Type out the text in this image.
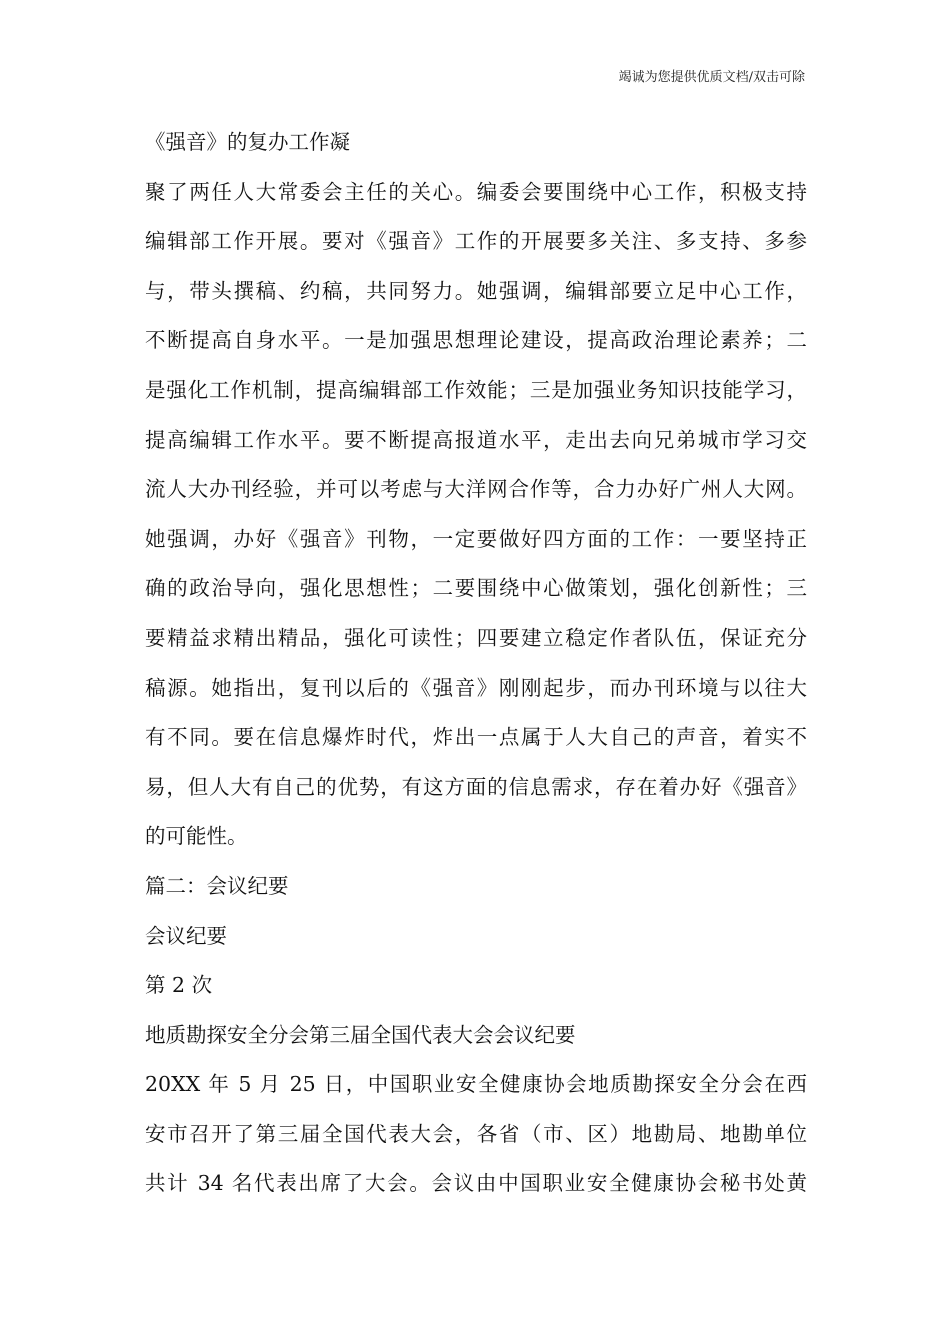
竭诚为您提供优质文档/双击可除
《强音》的复办工作凝
聚了两任人大常委会主任的关心。编委会要围绕中心工作，积极支持
编辑部工作开展。要对《强音》工作的开展要多关注、多支持、多参
与，带头撰稿、约稿，共同努力。她强调，编辑部要立足中心工作，
不断提高自身水平。一是加强思想理论建设，提高政治理论素养；二
是强化工作机制，提高编辑部工作效能；三是加强业务知识技能学习，
提高编辑工作水平。要不断提高报道水平，走出去向兄弟城市学习交
流人大办刊经验，并可以考虑与大洋网合作等，合力办好广州人大网。
她强调，办好《强音》刊物，一定要做好四方面的工作：一要坚持正
确的政治导向，强化思想性；二要围绕中心做策划，强化创新性；三
要精益求精出精品，强化可读性；四要建立稳定作者队伍，保证充分
稿源。她指出，复刊以后的《强音》刚刚起步，而办刊环境与以往大
有不同。要在信息爆炸时代，炸出一点属于人大自己的声音，着实不
易，但人大有自己的优势，有这方面的信息需求，存在着办好《强音》
的可能性。
篇二：会议纪要
会议纪要
第 2 次
地质勘探安全分会第三届全国代表大会会议纪要
20XX 年 5 月 25 日，中国职业安全健康协会地质勘探安全分会在西
安市召开了第三届全国代表大会，各省（市、区）地勘局、地勘单位
共计 34 名代表出席了大会。会议由中国职业安全健康协会秘书处黄
